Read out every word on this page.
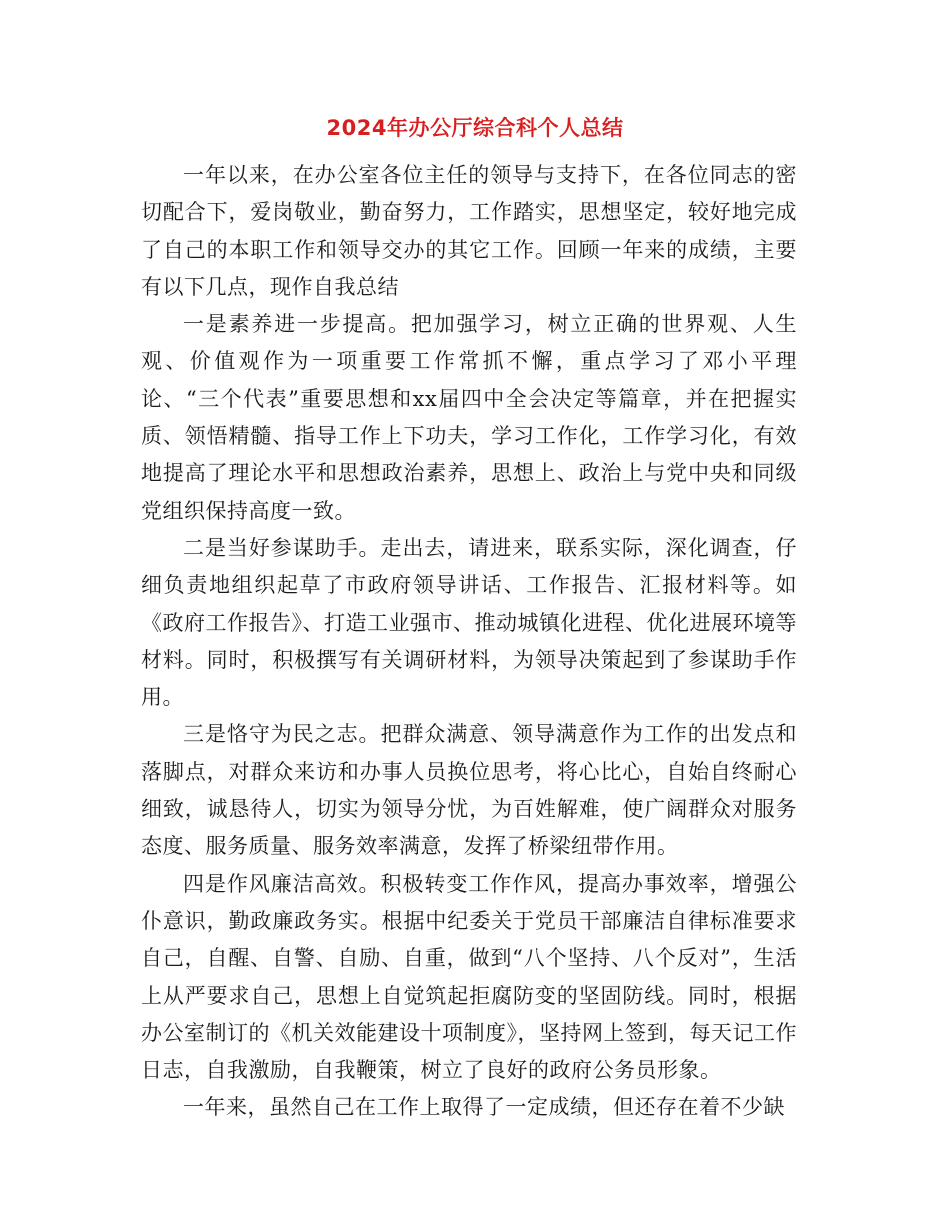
2024年办公厅综合科个人总结

一年以来，在办公室各位主任的领导与支持下，在各位同志的密切配合下，爱岗敬业，勤奋努力，工作踏实，思想坚定，较好地完成了自己的本职工作和领导交办的其它工作。回顾一年来的成绩，主要有以下几点，现作自我总结

一是素养进一步提高。把加强学习，树立正确的世界观、人生观、价值观作为一项重要工作常抓不懈，重点学习了邓小平理论、“三个代表”重要思想和xx届四中全会决定等篇章，并在把握实质、领悟精髓、指导工作上下功夫，学习工作化，工作学习化，有效地提高了理论水平和思想政治素养，思想上、政治上与党中央和同级党组织保持高度一致。

二是当好参谋助手。走出去，请进来，联系实际，深化调查，仔细负责地组织起草了市政府领导讲话、工作报告、汇报材料等。如《政府工作报告》、打造工业强市、推动城镇化进程、优化进展环境等材料。同时，积极撰写有关调研材料，为领导决策起到了参谋助手作用。

三是恪守为民之志。把群众满意、领导满意作为工作的出发点和落脚点，对群众来访和办事人员换位思考，将心比心，自始自终耐心细致，诚恳待人，切实为领导分忧，为百姓解难，使广阔群众对服务态度、服务质量、服务效率满意，发挥了桥梁纽带作用。

四是作风廉洁高效。积极转变工作作风，提高办事效率，增强公仆意识，勤政廉政务实。根据中纪委关于党员干部廉洁自律标准要求自己，自醒、自警、自励、自重，做到“八个坚持、八个反对”，生活上从严要求自己，思想上自觉筑起拒腐防变的坚固防线。同时，根据办公室制订的《机关效能建设十项制度》，坚持网上签到，每天记工作日志，自我激励，自我鞭策，树立了良好的政府公务员形象。

一年来，虽然自己在工作上取得了一定成绩，但还存在着不少缺
